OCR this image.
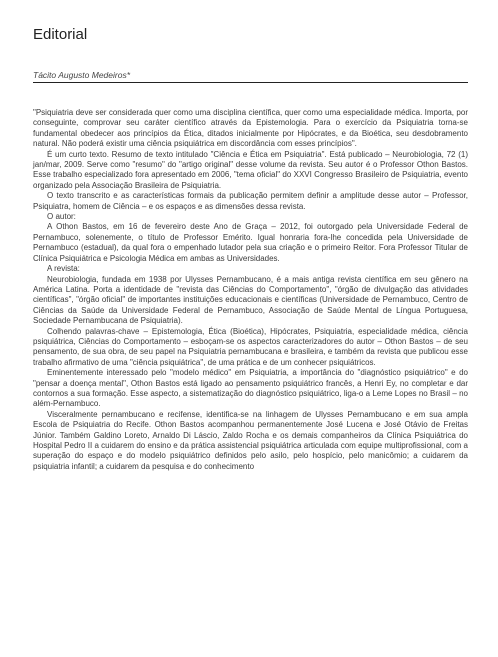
Editorial
Tácito Augusto Medeiros*

"Psiquiatria deve ser considerada quer como uma disciplina científica, quer como uma especialidade médica. Importa, por conseguinte, comprovar seu caráter científico através da Epistemologia. Para o exercício da Psiquiatria torna-se fundamental obedecer aos princípios da Ética, ditados inicialmente por Hipócrates, e da Bioética, seu desdobramento natural. Não poderá existir uma ciência psiquiátrica em discordância com esses princípios".

É um curto texto. Resumo de texto intitulado "Ciência e Ética em Psiquiatria". Está publicado – Neurobiologia, 72 (1) jan/mar, 2009. Serve como "resumo" do "artigo original" desse volume da revista. Seu autor é o Professor Othon Bastos. Esse trabalho especializado fora apresentado em 2006, "tema oficial" do XXVI Congresso Brasileiro de Psiquiatria, evento organizado pela Associação Brasileira de Psiquiatria.

O texto transcrito e as características formais da publicação permitem definir a amplitude desse autor – Professor, Psiquiatra, homem de Ciência – e os espaços e as dimensões dessa revista.

O autor:

A Othon Bastos, em 16 de fevereiro deste Ano de Graça – 2012, foi outorgado pela Universidade Federal de Pernambuco, solenemente, o título de Professor Emérito. Igual honraria fora-lhe concedida pela Universidade de Pernambuco (estadual), da qual fora o empenhado lutador pela sua criação e o primeiro Reitor. Fora Professor Titular de Clínica Psiquiátrica e Psicologia Médica em ambas as Universidades.

A revista:

Neurobiologia, fundada em 1938 por Ulysses Pernambucano, é a mais antiga revista científica em seu gênero na América Latina. Porta a identidade de "revista das Ciências do Comportamento", "órgão de divulgação das atividades científicas", "órgão oficial" de importantes instituições educacionais e científicas (Universidade de Pernambuco, Centro de Ciências da Saúde da Universidade Federal de Pernambuco, Associação de Saúde Mental de Língua Portuguesa, Sociedade Pernambucana de Psiquiatria).

Colhendo palavras-chave – Epistemologia, Ética (Bioética), Hipócrates, Psiquiatria, especialidade médica, ciência psiquiátrica, Ciências do Comportamento – esboçam-se os aspectos caracterizadores do autor – Othon Bastos – de seu pensamento, de sua obra, de seu papel na Psiquiatria pernambucana e brasileira, e também da revista que publicou esse trabalho afirmativo de uma "ciência psiquiátrica", de uma prática e de um conhecer psiquiátricos.

Eminentemente interessado pelo "modelo médico" em Psiquiatria, a importância do "diagnóstico psiquiátrico" e do "pensar a doença mental", Othon Bastos está ligado ao pensamento psiquiátrico francês, a Henri Ey, no completar e dar contornos a sua formação. Esse aspecto, a sistematização do diagnóstico psiquiátrico, liga-o a Leme Lopes no Brasil – no além-Pernambuco.

Visceralmente pernambucano e recifense, identifica-se na linhagem de Ulysses Pernambucano e em sua ampla Escola de Psiquiatria do Recife. Othon Bastos acompanhou permanentemente José Lucena e José Otávio de Freitas Júnior. Também Galdino Loreto, Arnaldo Di Láscio, Zaldo Rocha e os demais companheiros da Clínica Psiquiátrica do Hospital Pedro II a cuidarem do ensino e da prática assistencial psiquiátrica articulada com equipe multiprofissional, com a superação do espaço e do modelo psiquiátrico definidos pelo asilo, pelo hospício, pelo manicômio; a cuidarem da psiquiatria infantil; a cuidarem da pesquisa e do conhecimento
